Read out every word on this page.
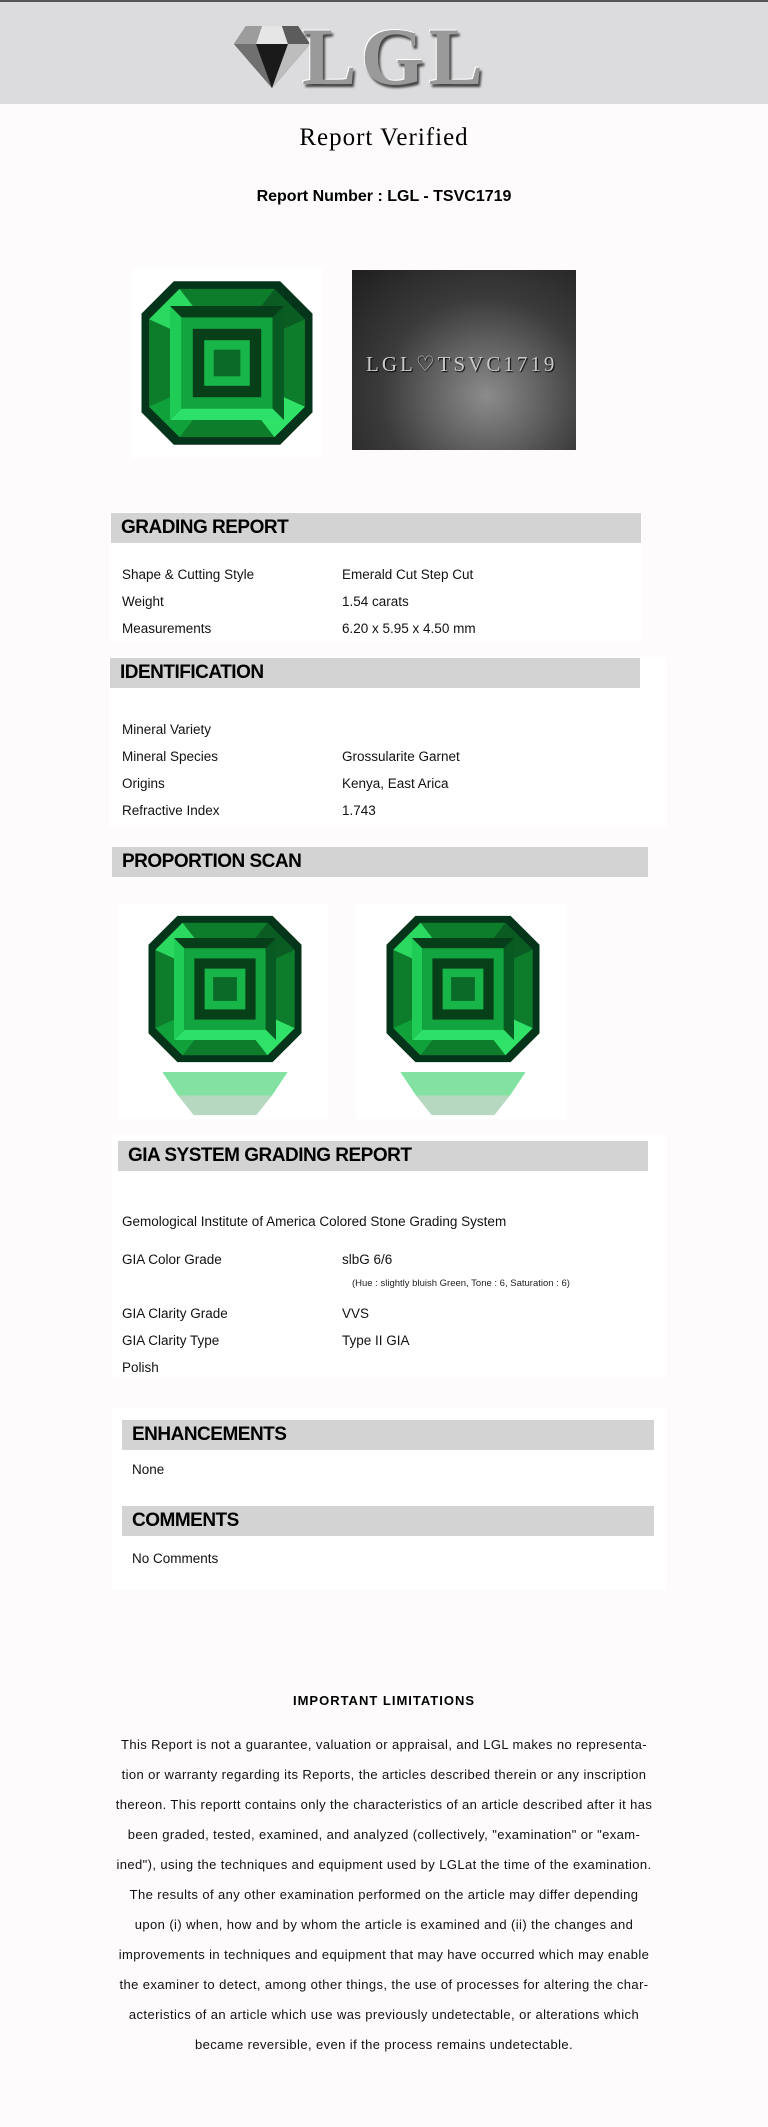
LGL
Report Verified
Report Number : LGL - TSVC1719
LGL♡TSVC1719
GRADING REPORT
Shape & Cutting Style	Emerald Cut Step Cut
Weight	1.54 carats
Measurements	6.20 x 5.95 x 4.50 mm
IDENTIFICATION
Mineral Variety
Mineral Species	Grossularite Garnet
Origins	Kenya, East Arica
Refractive Index	1.743
PROPORTION SCAN
GIA SYSTEM GRADING REPORT
Gemological Institute of America Colored Stone Grading System
GIA Color Grade	slbG 6/6
(Hue : slightly bluish Green, Tone : 6, Saturation : 6)
GIA Clarity Grade	VVS
GIA Clarity Type	Type II GIA
Polish
ENHANCEMENTS
None
COMMENTS
No Comments
IMPORTANT LIMITATIONS
This Report is not a guarantee, valuation or appraisal, and LGL makes no representa-
tion or warranty regarding its Reports, the articles described therein or any inscription
thereon. This reportt contains only the characteristics of an article described after it has
been graded, tested, examined, and analyzed (collectively, "examination" or "exam-
ined"), using the techniques and equipment used by LGLat the time of the examination.
The results of any other examination performed on the article may differ depending
upon (i) when, how and by whom the article is examined and (ii) the changes and
improvements in techniques and equipment that may have occurred which may enable
the examiner to detect, among other things, the use of processes for altering the char-
acteristics of an article which use was previously undetectable, or alterations which
became reversible, even if the process remains undetectable.
